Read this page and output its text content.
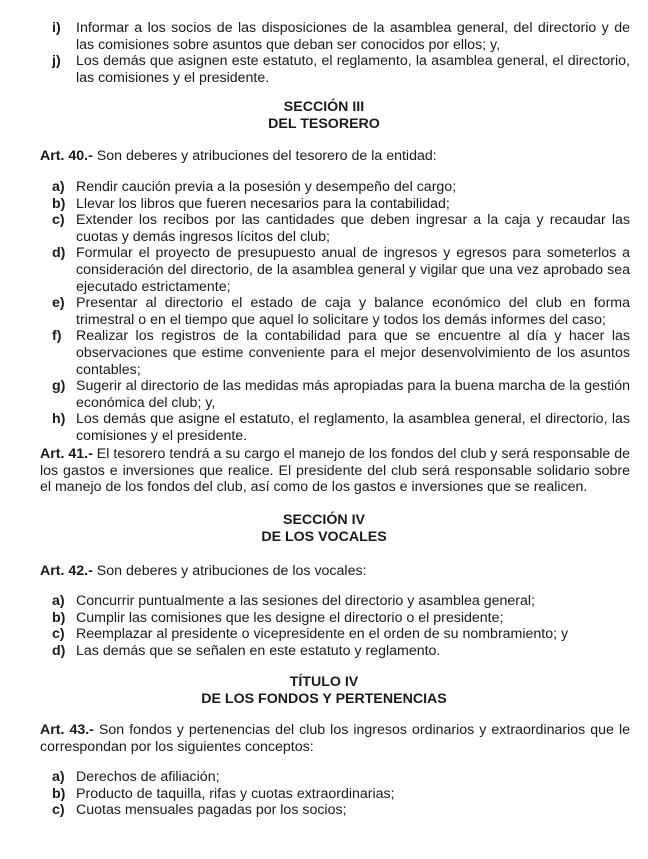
i)	Informar a los socios de las disposiciones de la asamblea general, del directorio y de las comisiones sobre asuntos que deban ser conocidos por ellos; y,
j)	Los demás que asignen este estatuto, el reglamento, la asamblea general, el directorio, las comisiones y el presidente.
SECCIÓN III
DEL TESORERO
Art. 40.- Son deberes y atribuciones del tesorero de la entidad:
a) Rendir caución previa a la posesión y desempeño del cargo;
b) Llevar los libros que fueren necesarios para la contabilidad;
c) Extender los recibos por las cantidades que deben ingresar a la caja y recaudar las cuotas y demás ingresos lícitos del club;
d) Formular el proyecto de presupuesto anual de ingresos y egresos para someterlos a consideración del directorio, de la asamblea general y vigilar que una vez aprobado sea ejecutado estrictamente;
e) Presentar al directorio el estado de caja y balance económico del club en forma trimestral o en el tiempo que aquel lo solicitare y todos los demás informes del caso;
f)	Realizar los registros de la contabilidad para que se encuentre al día y hacer las observaciones que estime conveniente para el mejor desenvolvimiento de los asuntos contables;
g) Sugerir al directorio de las medidas más apropiadas para la buena marcha de la gestión económica del club; y,
h) Los demás que asigne el estatuto, el reglamento, la asamblea general, el directorio, las comisiones y el presidente.
Art. 41.- El tesorero tendrá a su cargo el manejo de los fondos del club y será responsable de los gastos e inversiones que realice. El presidente del club será responsable solidario sobre el manejo de los fondos del club, así como de los gastos e inversiones que se realicen.
SECCIÓN IV
DE LOS VOCALES
Art. 42.- Son deberes y atribuciones de los vocales:
a) Concurrir puntualmente a las sesiones del directorio y asamblea general;
b) Cumplir las comisiones que les designe el directorio o el presidente;
c) Reemplazar al presidente o vicepresidente en el orden de su nombramiento; y
d) Las demás que se señalen en este estatuto y reglamento.
TÍTULO IV
DE LOS FONDOS Y PERTENENCIAS
Art. 43.- Son fondos y pertenencias del club los ingresos ordinarios y extraordinarios que le correspondan por los siguientes conceptos:
a) Derechos de afiliación;
b) Producto de taquilla, rifas y cuotas extraordinarias;
c) Cuotas mensuales pagadas por los socios;
